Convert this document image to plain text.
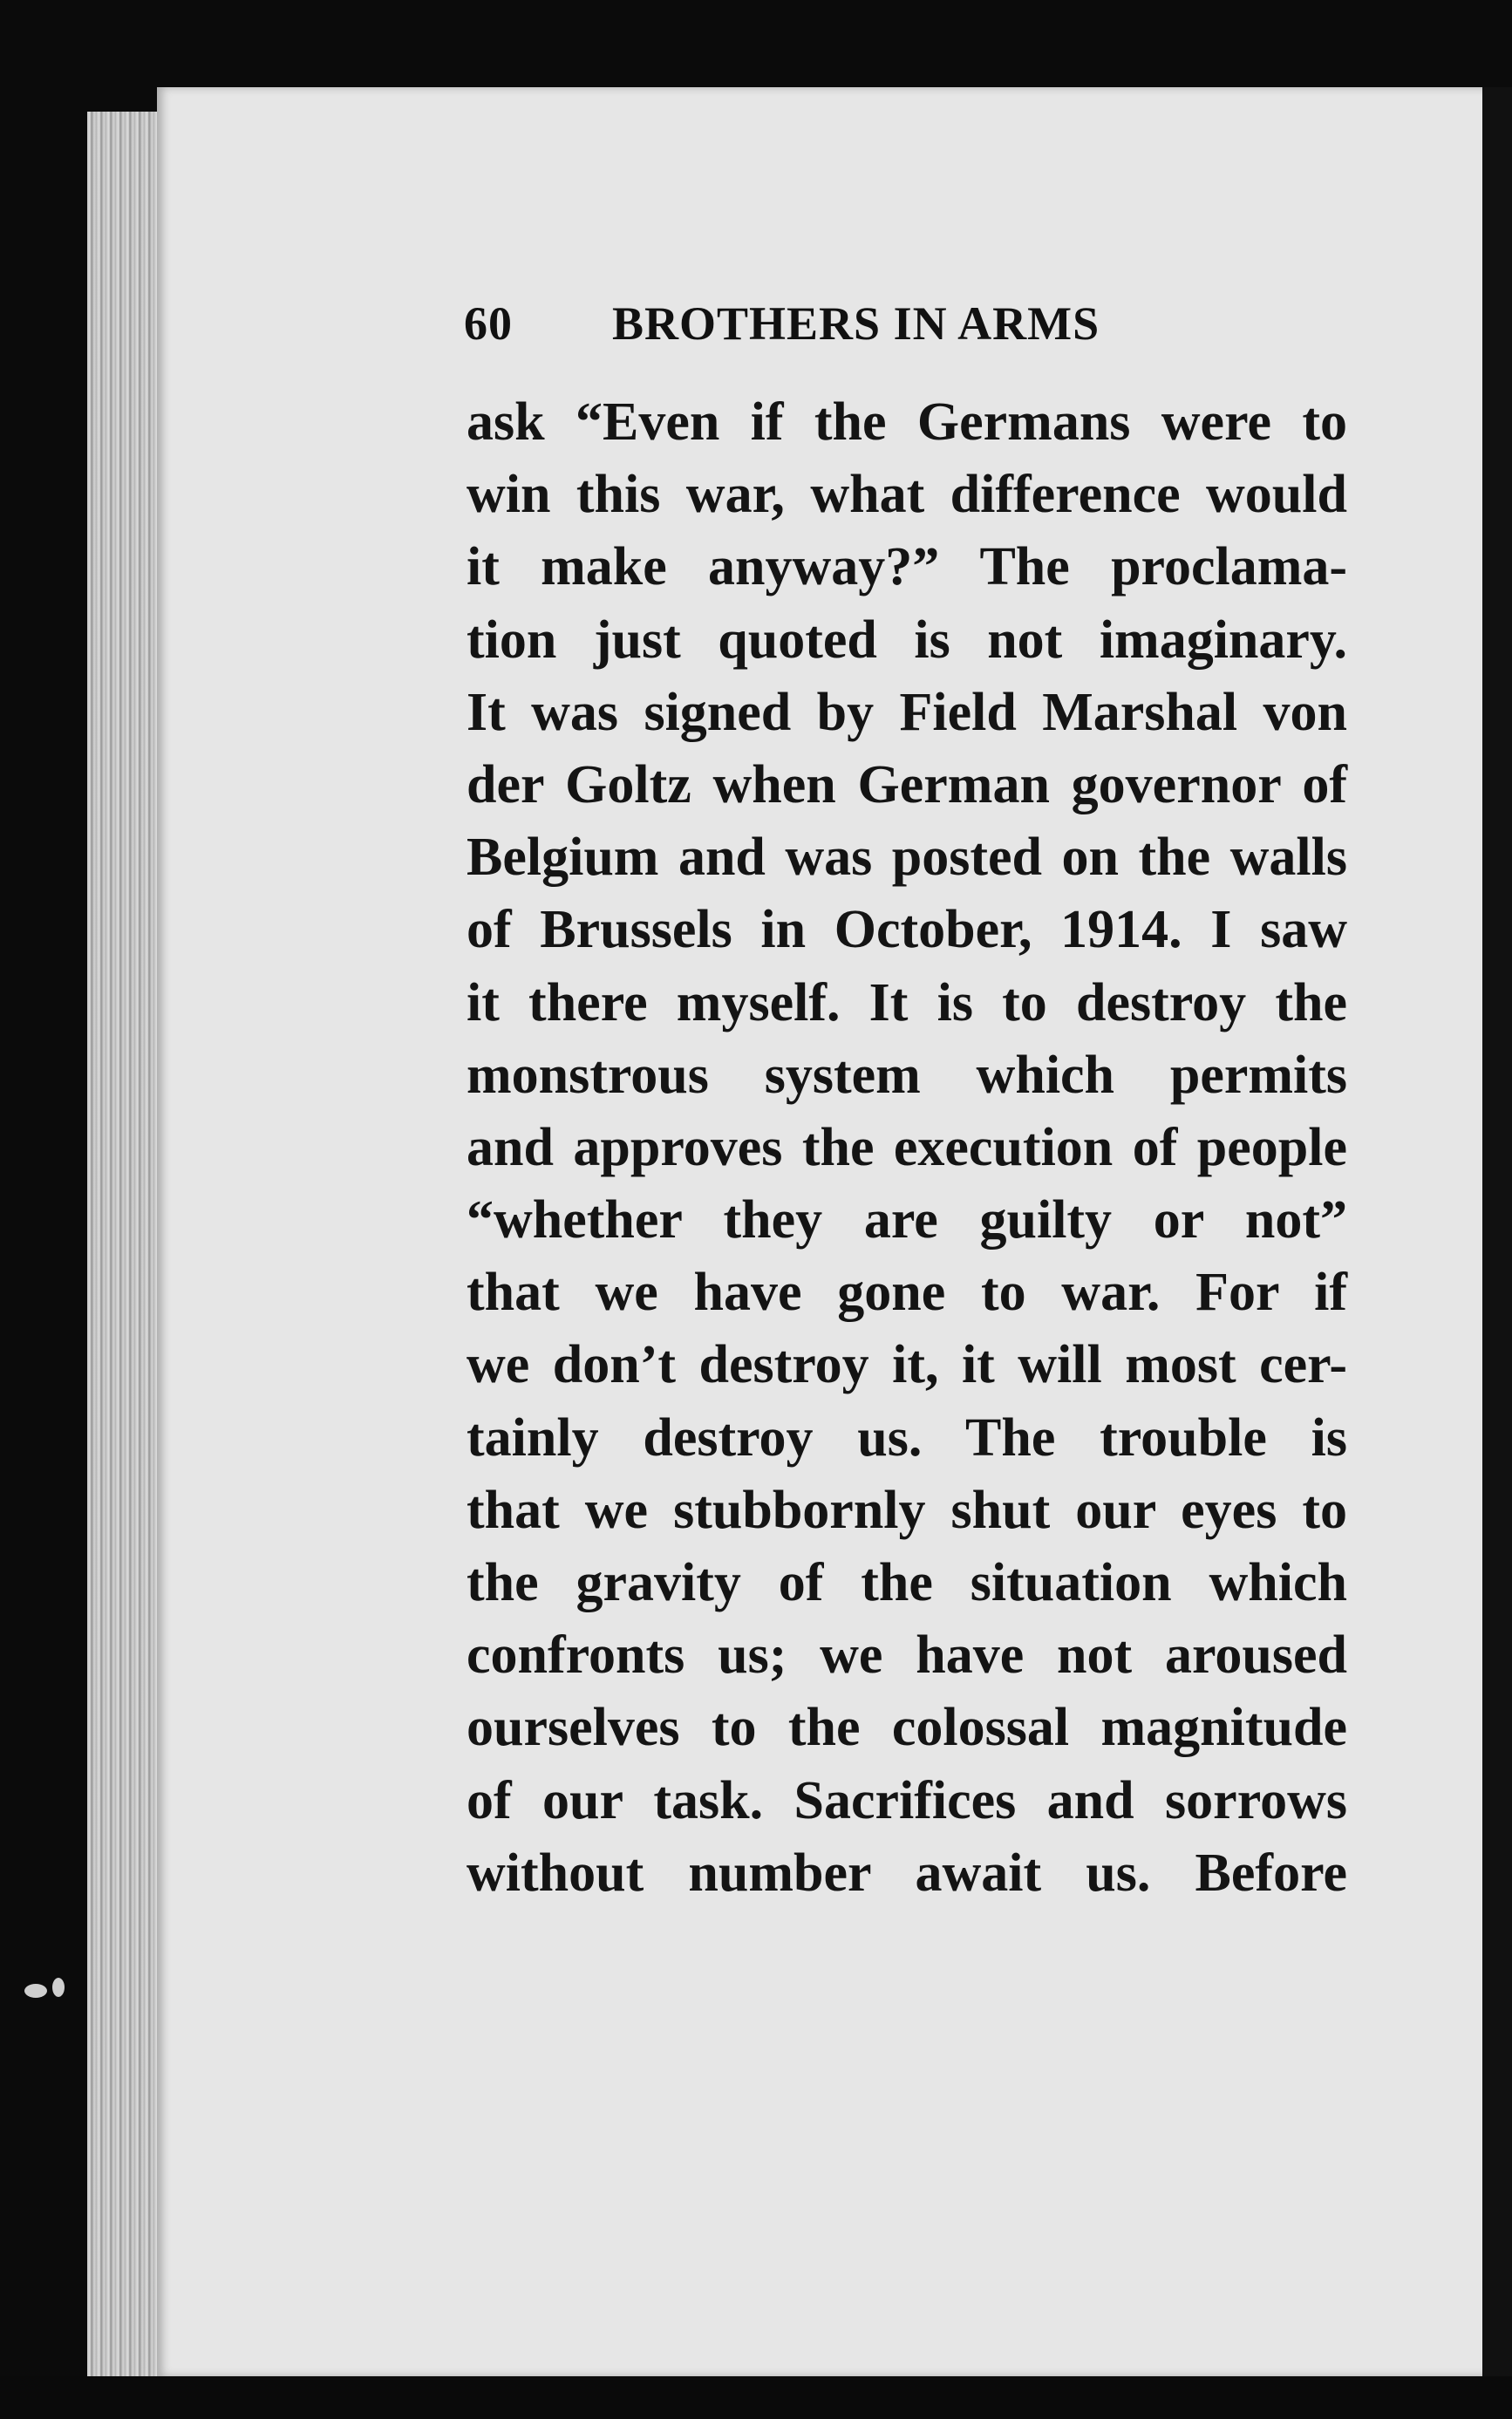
60 BROTHERS IN ARMS
ask “Even if the Germans were to
win this war, what difference would
it make anyway?” The proclama-
tion just quoted is not imaginary.
It was signed by Field Marshal von
der Goltz when German governor of
Belgium and was posted on the walls
of Brussels in October, 1914. I saw
it there myself. It is to destroy the
monstrous system which permits
and approves the execution of people
“whether they are guilty or not”
that we have gone to war. For if
we don’t destroy it, it will most cer-
tainly destroy us. The trouble is
that we stubbornly shut our eyes to
the gravity of the situation which
confronts us; we have not aroused
ourselves to the colossal magnitude
of our task. Sacrifices and sorrows
without number await us. Before
